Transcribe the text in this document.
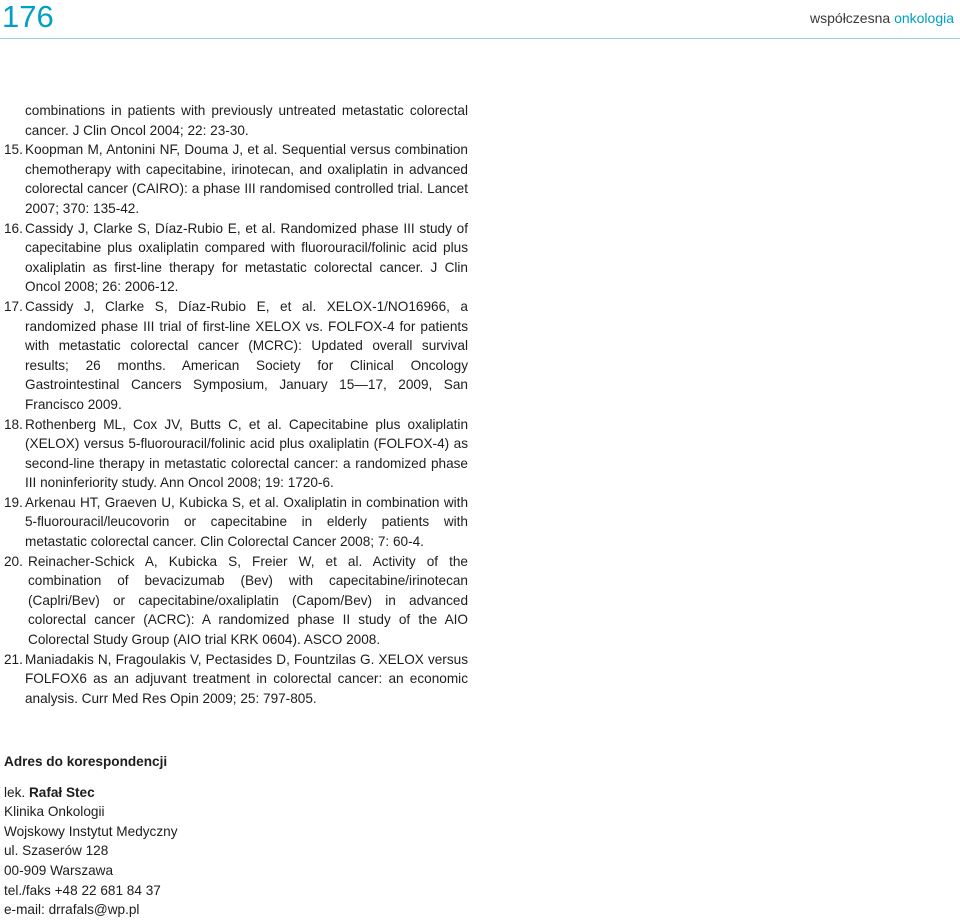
176	współczesna onkologia
combinations in patients with previously untreated metastatic colorectal cancer. J Clin Oncol 2004; 22: 23-30.
15. Koopman M, Antonini NF, Douma J, et al. Sequential versus combination chemotherapy with capecitabine, irinotecan, and oxaliplatin in advanced colorectal cancer (CAIRO): a phase III randomised controlled trial. Lancet 2007; 370: 135-42.
16. Cassidy J, Clarke S, Díaz-Rubio E, et al. Randomized phase III study of capecitabine plus oxaliplatin compared with fluorouracil/folinic acid plus oxaliplatin as first-line therapy for metastatic colorectal cancer. J Clin Oncol 2008; 26: 2006-12.
17. Cassidy J, Clarke S, Díaz-Rubio E, et al. XELOX-1/NO16966, a randomized phase III trial of first-line XELOX vs. FOLFOX-4 for patients with metastatic colorectal cancer (MCRC): Updated overall survival results; 26 months. American Society for Clinical Oncology Gastrointestinal Cancers Symposium, January 15—17, 2009, San Francisco 2009.
18. Rothenberg ML, Cox JV, Butts C, et al. Capecitabine plus oxaliplatin (XELOX) versus 5-fluorouracil/folinic acid plus oxaliplatin (FOLFOX-4) as second-line therapy in metastatic colorectal cancer: a randomized phase III noninferiority study. Ann Oncol 2008; 19: 1720-6.
19. Arkenau HT, Graeven U, Kubicka S, et al. Oxaliplatin in combination with 5-fluorouracil/leucovorin or capecitabine in elderly patients with metastatic colorectal cancer. Clin Colorectal Cancer 2008; 7: 60-4.
20. Reinacher-Schick A, Kubicka S, Freier W, et al. Activity of the combination of bevacizumab (Bev) with capecitabine/irinotecan (Caplri/Bev) or capecitabine/oxaliplatin (Capom/Bev) in advanced colorectal cancer (ACRC): A randomized phase II study of the AIO Colorectal Study Group (AIO trial KRK 0604). ASCO 2008.
21. Maniadakis N, Fragoulakis V, Pectasides D, Fountzilas G. XELOX versus FOLFOX6 as an adjuvant treatment in colorectal cancer: an economic analysis. Curr Med Res Opin 2009; 25: 797-805.
Adres do korespondencji
lek. Rafał Stec
Klinika Onkologii
Wojskowy Instytut Medyczny
ul. Szaserów 128
00-909 Warszawa
tel./faks +48 22 681 84 37
e-mail: drrafals@wp.pl
